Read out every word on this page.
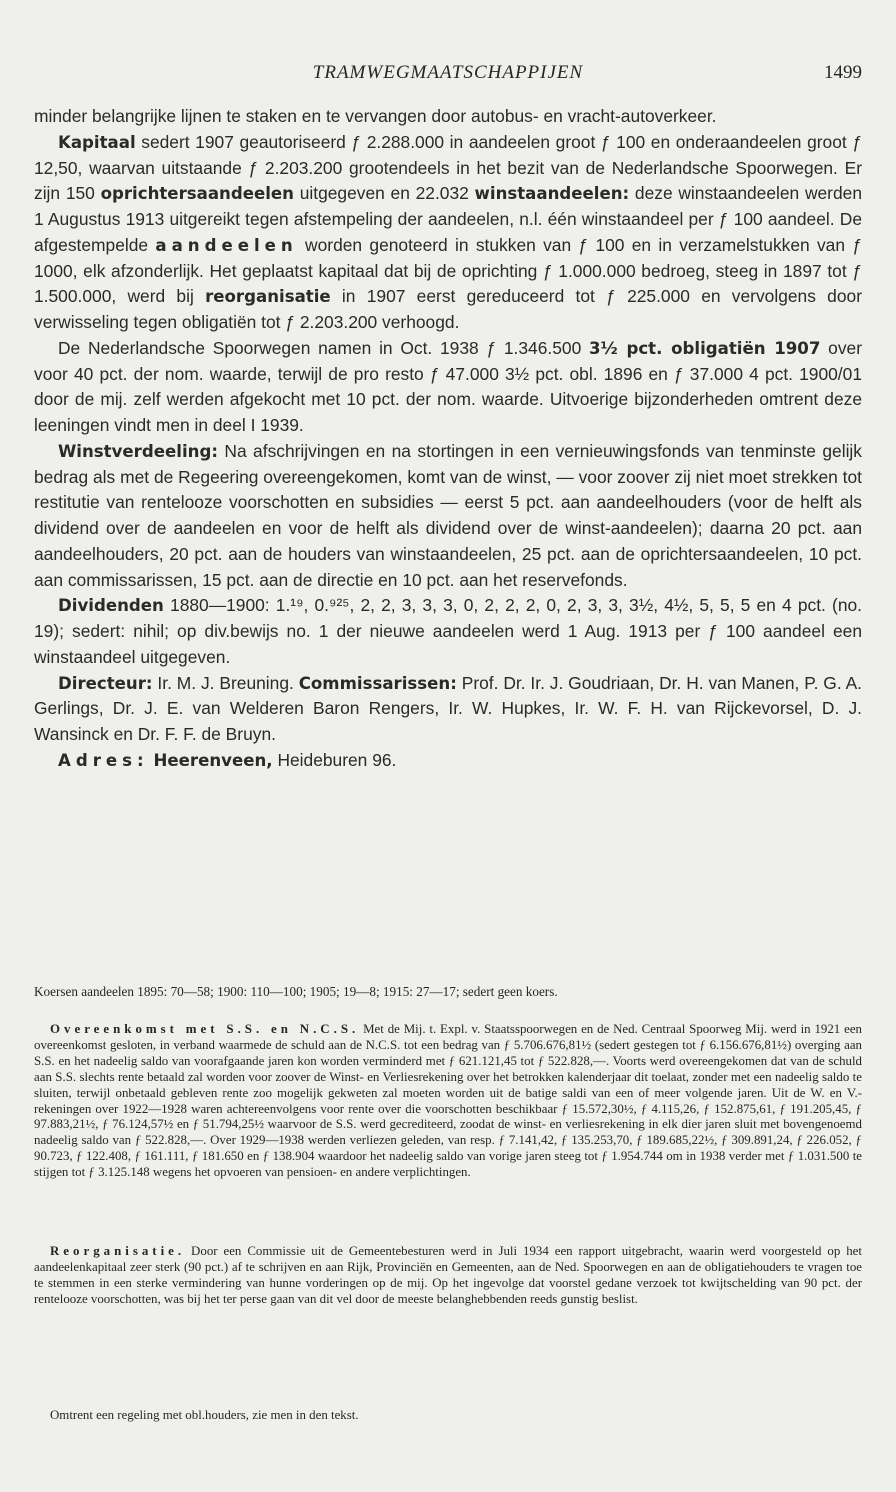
TRAMWEGMAATSCHAPPIJEN	1499

minder belangrijke lijnen te staken en te vervangen door autobus- en vracht-autoverkeer.

Kapitaal sedert 1907 geautoriseerd ƒ 2.288.000 in aandeelen groot ƒ 100 en onderaandeelen groot ƒ 12,50, waarvan uitstaande ƒ 2.203.200 grootendeels in het bezit van de Nederlandsche Spoorwegen. Er zijn 150 oprichtersaandeelen uitgegeven en 22.032 winstaandeelen: deze winstaandeelen werden 1 Augustus 1913 uitgereikt tegen afstempeling der aandeelen, n.l. één winstaandeel per ƒ 100 aandeel. De afgestempelde aandeelen worden genoteerd in stukken van ƒ 100 en in verzamelstukken van ƒ 1000, elk afzonderlijk. Het geplaatst kapitaal dat bij de oprichting ƒ 1.000.000 bedroeg, steeg in 1897 tot ƒ 1.500.000, werd bij reorganisatie in 1907 eerst gereduceerd tot ƒ 225.000 en vervolgens door verwisseling tegen obligatiën tot ƒ 2.203.200 verhoogd.

De Nederlandsche Spoorwegen namen in Oct. 1938 ƒ 1.346.500 3½ pct. obligatiën 1907 over voor 40 pct. der nom. waarde, terwijl de pro resto ƒ 47.000 3½ pct. obl. 1896 en ƒ 37.000 4 pct. 1900/01 door de mij. zelf werden afgekocht met 10 pct. der nom. waarde. Uitvoerige bijzonderheden omtrent deze leeningen vindt men in deel I 1939.

Winstverdeeling: Na afschrijvingen en na stortingen in een vernieuwingsfonds van tenminste gelijk bedrag als met de Regeering overeengekomen, komt van de winst, — voor zoover zij niet moet strekken tot restitutie van rentelooze voorschotten en subsidies — eerst 5 pct. aan aandeelhouders (voor de helft als dividend over de aandeelen en voor de helft als dividend over de winst-aandeelen); daarna 20 pct. aan aandeelhouders, 20 pct. aan de houders van winstaandeelen, 25 pct. aan de oprichtersaandeelen, 10 pct. aan commissarissen, 15 pct. aan de directie en 10 pct. aan het reservefonds.

Dividenden 1880—1900: 1.¹⁹, 0.⁹²⁵, 2, 2, 3, 3, 3, 0, 2, 2, 2, 0, 2, 3, 3, 3½, 4½, 5, 5, 5 en 4 pct. (no. 19); sedert: nihil; op div.bewijs no. 1 der nieuwe aandeelen werd 1 Aug. 1913 per ƒ 100 aandeel een winstaandeel uitgegeven.

Directeur: Ir. M. J. Breuning. Commissarissen: Prof. Dr. Ir. J. Goudriaan, Dr. H. van Manen, P. G. A. Gerlings, Dr. J. E. van Welderen Baron Rengers, Ir. W. Hupkes, Ir. W. F. H. van Rijckevorsel, D. J. Wansinck en Dr. F. F. de Bruyn.

Adres: Heerenveen, Heideburen 96.

Koersen aandeelen 1895: 70—58; 1900: 110—100; 1905; 19—8; 1915: 27—17; sedert geen koers.

Overeenkomst met S.S. en N.C.S. Met de Mij. t. Expl. v. Staatsspoorwegen en de Ned. Centraal Spoorweg Mij. werd in 1921 een overeenkomst gesloten, in verband waarmede de schuld aan de N.C.S. tot een bedrag van ƒ 5.706.676,81½ (sedert gestegen tot ƒ 6.156.676,81½) overging aan S.S. en het nadeelig saldo van voorafgaande jaren kon worden verminderd met ƒ 621.121,45 tot ƒ 522.828,—. Voorts werd overeengekomen dat van de schuld aan S.S. slechts rente betaald zal worden voor zoover de Winst- en Verliesrekening over het betrokken kalenderjaar dit toelaat, zonder met een nadeelig saldo te sluiten, terwijl onbetaald gebleven rente zoo mogelijk gekweten zal moeten worden uit de batige saldi van een of meer volgende jaren. Uit de W. en V.-rekeningen over 1922—1928 waren achtereenvolgens voor rente over die voorschotten beschikbaar ƒ 15.572,30½, ƒ 4.115,26, ƒ 152.875,61, ƒ 191.205,45, ƒ 97.883,21½, ƒ 76.124,57½ en ƒ 51.794,25½ waarvoor de S.S. werd gecrediteerd, zoodat de winst- en verliesrekening in elk dier jaren sluit met bovengenoemd nadeelig saldo van ƒ 522.828,—. Over 1929—1938 werden verliezen geleden, van resp. ƒ 7.141,42, ƒ 135.253,70, ƒ 189.685,22½, ƒ 309.891,24, ƒ 226.052, ƒ 90.723, ƒ 122.408, ƒ 161.111, ƒ 181.650 en ƒ 138.904 waardoor het nadeelig saldo van vorige jaren steeg tot ƒ 1.954.744 om in 1938 verder met ƒ 1.031.500 te stijgen tot ƒ 3.125.148 wegens het opvoeren van pensioen- en andere verplichtingen.

Reorganisatie. Door een Commissie uit de Gemeentebesturen werd in Juli 1934 een rapport uitgebracht, waarin werd voorgesteld op het aandeelenkapitaal zeer sterk (90 pct.) af te schrijven en aan Rijk, Provinciën en Gemeenten, aan de Ned. Spoorwegen en aan de obligatiehouders te vragen toe te stemmen in een sterke vermindering van hunne vorderingen op de mij. Op het ingevolge dat voorstel gedane verzoek tot kwijtschelding van 90 pct. der rentelooze voorschotten, was bij het ter perse gaan van dit vel door de meeste belanghebbenden reeds gunstig beslist.

Omtrent een regeling met obl.houders, zie men in den tekst.
